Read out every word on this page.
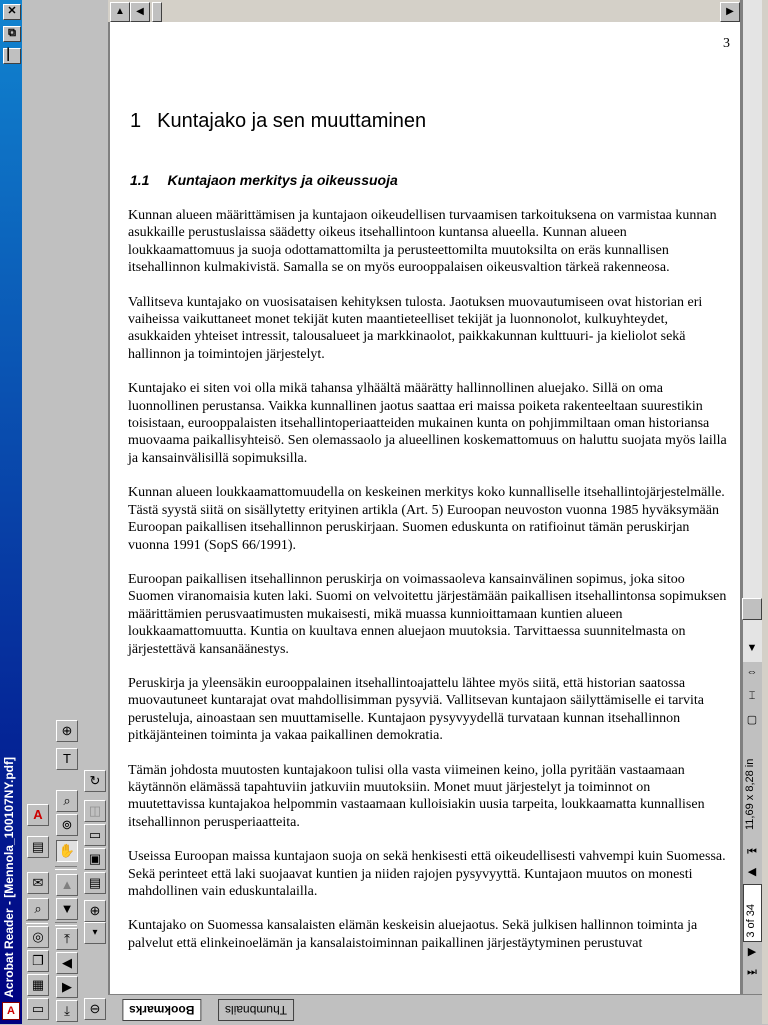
✕
⧉
▏
Acrobat Reader - [Mennola_100107NY.pdf]
A
A
▤
✉
⌕
◎
❐
▦
▭
⊕
T
⌕
⊚
✋
▲
▼
⤒
◀
▶
⤓
↻
◫
▭
▣
▤
⊕
▾
⊖
▲	◀	▶
3
1 Kuntajako ja sen muuttaminen
1.1 Kuntajaon merkitys ja oikeussuoja

Kunnan alueen määrittämisen ja kuntajaon oikeudellisen turvaamisen tarkoituksena on varmistaa kunnan asukkaille perustuslaissa säädetty oikeus itsehallintoon kuntansa alueella. Kunnan alueen loukkaamattomuus ja suoja odottamattomilta ja perusteettomilta muutoksilta on eräs kunnallisen itsehallinnon kulmakivistä. Samalla se on myös eurooppalaisen oikeusvaltion tärkeä rakenneosa.

Vallitseva kuntajako on vuosisataisen kehityksen tulosta. Jaotuksen muovautumiseen ovat historian eri vaiheissa vaikuttaneet monet tekijät kuten maantieteelliset tekijät ja luonnonolot, kulkuyhteydet, asukkaiden yhteiset intressit, talousalueet ja markkinaolot, paikkakunnan kulttuuri- ja kieliolot sekä hallinnon ja toimintojen järjestelyt.

Kuntajako ei siten voi olla mikä tahansa ylhäältä määrätty hallinnollinen aluejako. Sillä on oma luonnollinen perustansa. Vaikka kunnallinen jaotus saattaa eri maissa poiketa rakenteeltaan suurestikin toisistaan, eurooppalaisten itsehallintoperiaatteiden mukainen kunta on pohjimmiltaan oman historiansa muovaama paikallisyhteisö. Sen olemassaolo ja alueellinen koskemattomuus on haluttu suojata myös lailla ja kansainvälisillä sopimuksilla.

Kunnan alueen loukkaamattomuudella on keskeinen merkitys koko kunnalliselle itsehallintojärjestelmälle. Tästä syystä siitä on sisällytetty erityinen artikla (Art. 5) Euroopan neuvoston vuonna 1985 hyväksymään Euroopan paikallisen itsehallinnon peruskirjaan. Suomen eduskunta on ratifioinut tämän peruskirjan vuonna 1991 (SopS 66/1991).

Euroopan paikallisen itsehallinnon peruskirja on voimassaoleva kansainvälinen sopimus, joka sitoo Suomen viranomaisia kuten laki. Suomi on velvoitettu järjestämään paikallisen itsehallintonsa sopimuksen määrittämien perusvaatimusten mukaisesti, mikä muassa kunnioittamaan kuntien alueen loukkaamattomuutta. Kuntia on kuultava ennen aluejaon muutoksia. Tarvittaessa suunnitelmasta on järjestettävä kansanäänestys.

Peruskirja ja yleensäkin eurooppalainen itsehallintoajattelu lähtee myös siitä, että historian saatossa muovautuneet kuntarajat ovat mahdollisimman pysyviä. Vallitsevan kuntajaon säilyttämiselle ei tarvita perusteluja, ainoastaan sen muuttamiselle. Kuntajaon pysyvyydellä turvataan kunnan itsehallinnon pitkäjänteinen toiminta ja vakaa paikallinen demokratia.

Tämän johdosta muutosten kuntajakoon tulisi olla vasta viimeinen keino, jolla pyritään vastaamaan käytännön elämässä tapahtuviin jatkuviin muutoksiin. Monet muut järjestelyt ja toiminnot on muutettavissa kuntajakoa helpommin vastaamaan kulloisiakin uusia tarpeita, loukkaamatta kunnallisen itsehallinnon perusperiaatteita.

Useissa Euroopan maissa kuntajaon suoja on sekä henkisesti että oikeudellisesti vahvempi kuin Suomessa. Sekä perinteet että laki suojaavat kuntien ja niiden rajojen pysyvyyttä. Kuntajaon muutos on monesti mahdollinen vain eduskuntalailla.

Kuntajako on Suomessa kansalaisten elämän keskeisin aluejaotus. Sekä julkisen hallinnon toiminta ja palvelut että elinkeinoelämän ja kansalaistoiminnan paikallinen järjestäytyminen perustuvat

▼
⇔
⌶
▢
11,69 x 8,28 in
⏮
◀
3 of 34
▶
⏭
Bookmarks	Thumbnails
